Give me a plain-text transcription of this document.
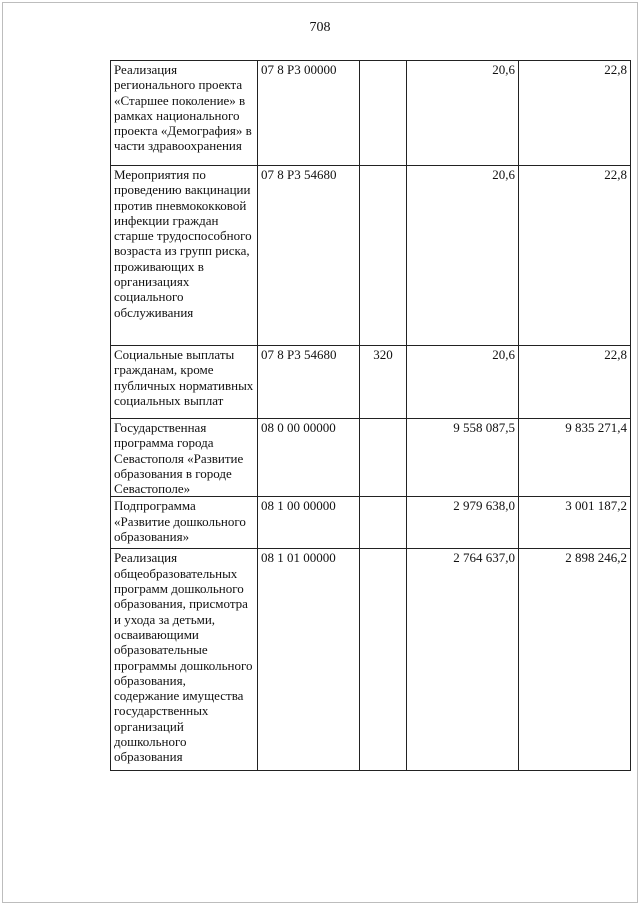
708
Реализация регионального проекта «Старшее поколение» в рамках национального проекта «Демография» в части здравоохранения	07 8 Р3 00000		20,6	22,8
Мероприятия по проведению вакцинации против пневмококковой инфекции граждан старше трудоспособного возраста из групп риска, проживающих в организациях социального обслуживания	07 8 Р3 54680		20,6	22,8
Социальные выплаты гражданам, кроме публичных нормативных социальных выплат	07 8 Р3 54680	320	20,6	22,8
Государственная программа города Севастополя «Развитие образования в городе Севастополе»	08 0 00 00000		9 558 087,5	9 835 271,4
Подпрограмма «Развитие дошкольного образования»	08 1 00 00000		2 979 638,0	3 001 187,2
Реализация общеобразовательных программ дошкольного образования, присмотра и ухода за детьми, осваивающими образовательные программы дошкольного образования, содержание имущества государственных организаций дошкольного образования	08 1 01 00000		2 764 637,0	2 898 246,2
